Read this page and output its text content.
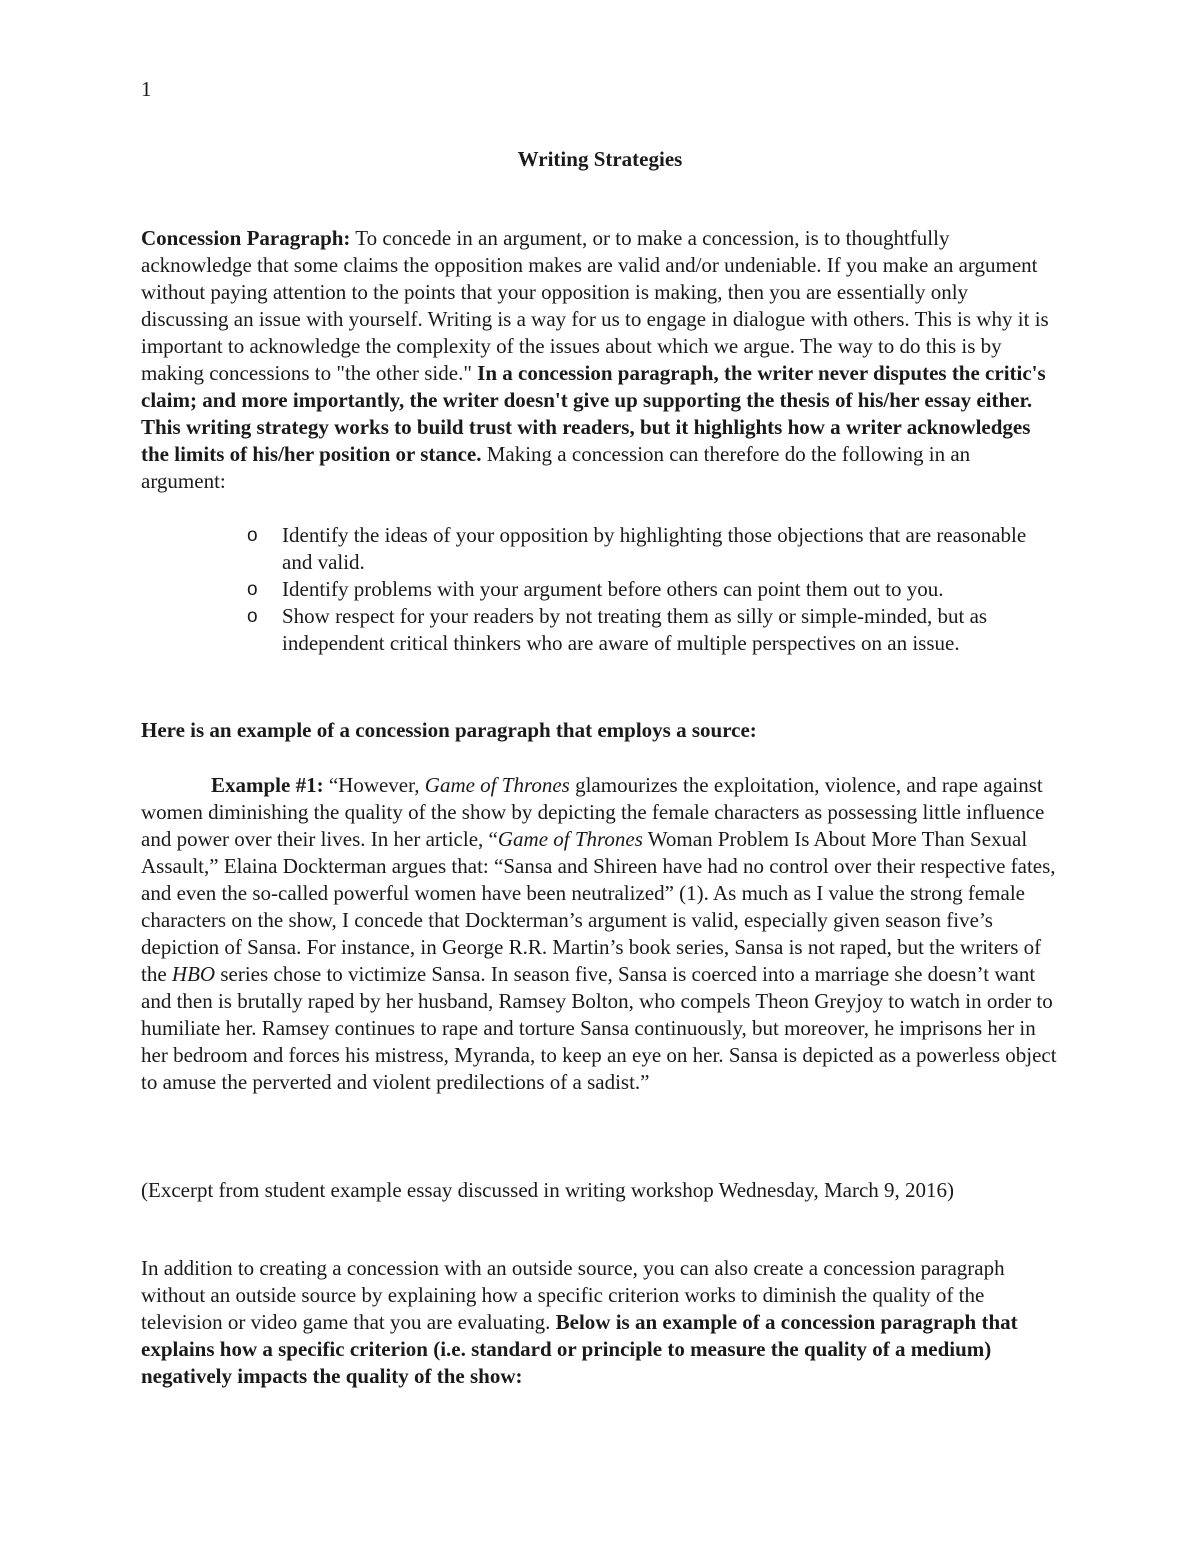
1
Writing Strategies
Concession Paragraph: To concede in an argument, or to make a concession, is to thoughtfully acknowledge that some claims the opposition makes are valid and/or undeniable. If you make an argument without paying attention to the points that your opposition is making, then you are essentially only discussing an issue with yourself. Writing is a way for us to engage in dialogue with others. This is why it is important to acknowledge the complexity of the issues about which we argue. The way to do this is by making concessions to "the other side." In a concession paragraph, the writer never disputes the critic's claim; and more importantly, the writer doesn't give up supporting the thesis of his/her essay either. This writing strategy works to build trust with readers, but it highlights how a writer acknowledges the limits of his/her position or stance. Making a concession can therefore do the following in an argument:
o Identify the ideas of your opposition by highlighting those objections that are reasonable and valid.
o Identify problems with your argument before others can point them out to you.
o Show respect for your readers by not treating them as silly or simple-minded, but as independent critical thinkers who are aware of multiple perspectives on an issue.
Here is an example of a concession paragraph that employs a source:
Example #1: “However, Game of Thrones glamourizes the exploitation, violence, and rape against women diminishing the quality of the show by depicting the female characters as possessing little influence and power over their lives. In her article, “Game of Thrones Woman Problem Is About More Than Sexual Assault,” Elaina Dockterman argues that: “Sansa and Shireen have had no control over their respective fates, and even the so-called powerful women have been neutralized” (1). As much as I value the strong female characters on the show, I concede that Dockterman’s argument is valid, especially given season five’s depiction of Sansa. For instance, in George R.R. Martin’s book series, Sansa is not raped, but the writers of the HBO series chose to victimize Sansa. In season five, Sansa is coerced into a marriage she doesn’t want and then is brutally raped by her husband, Ramsey Bolton, who compels Theon Greyjoy to watch in order to humiliate her. Ramsey continues to rape and torture Sansa continuously, but moreover, he imprisons her in her bedroom and forces his mistress, Myranda, to keep an eye on her. Sansa is depicted as a powerless object to amuse the perverted and violent predilections of a sadist.”
(Excerpt from student example essay discussed in writing workshop Wednesday, March 9, 2016)
In addition to creating a concession with an outside source, you can also create a concession paragraph without an outside source by explaining how a specific criterion works to diminish the quality of the television or video game that you are evaluating. Below is an example of a concession paragraph that explains how a specific criterion (i.e. standard or principle to measure the quality of a medium) negatively impacts the quality of the show:
